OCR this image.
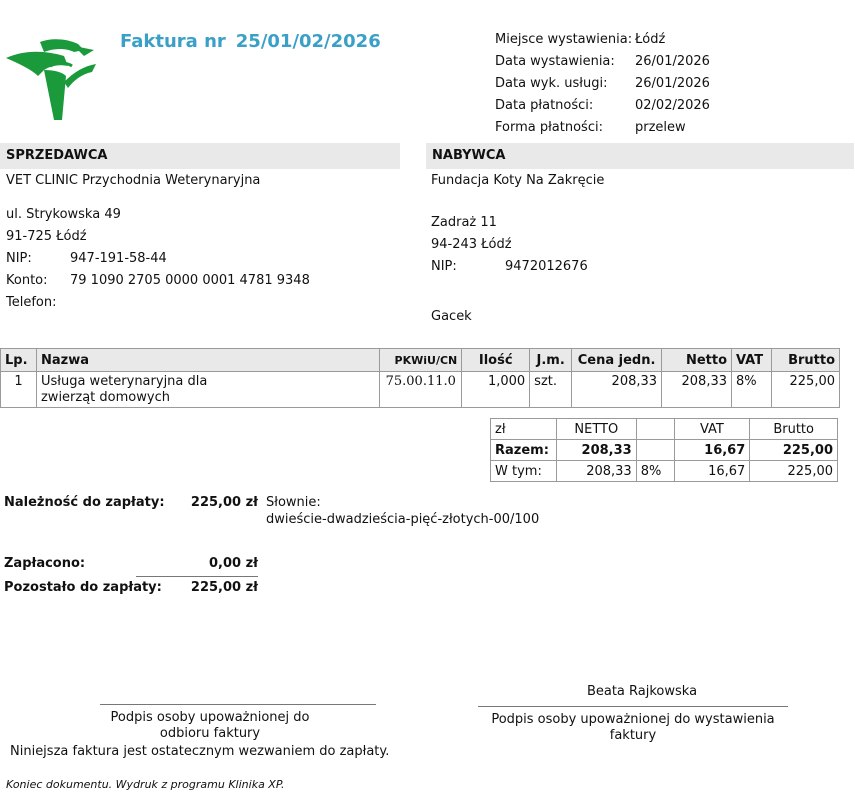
Faktura nr 25/01/02/2026	Miejsce wystawienia: Łódź
Data wystawienia: 26/01/2026
Data wyk. usługi: 26/01/2026
Data płatności:	02/02/2026
Forma płatności: przelew
SPRZEDAWCA
VET CLINIC Przychodnia Weterynaryjna
ul. Strykowska 49
91-725 Łódź
NIP:	947-191-58-44
Konto: 79 1090 2705 0000 0001 4781 9348
Telefon:
NABYWCA
Fundacja Koty Na Zakręcie
Zadraż 11
94-243 Łódź
NIP:	9472012676
Gacek
Lp.	Nazwa	PKWiU/CN	Ilość	J.m.	Cena jedn.	Netto	VAT	Brutto
1	Usługa weterynaryjna dla
zwierząt domowych	75.00.11.0	1,000	szt.	208,33	208,33	8%	225,00
zł	NETTO		VAT	Brutto
Razem:	208,33		16,67	225,00
W tym:	208,33	8%	16,67	225,00
Należność do zapłaty:	225,00 zł Słownie:
dwieście-dwadzieścia-pięć-złotych-00/100
Zapłacono:	0,00 zł
Pozostało do zapłaty:	225,00 zł
Podpis osoby upoważnionej do
odbioru faktury
Beata Rajkowska
Podpis osoby upoważnionej do wystawienia
faktury
Niniejsza faktura jest ostatecznym wezwaniem do zapłaty.
Koniec dokumentu. Wydruk z programu Klinika XP.
